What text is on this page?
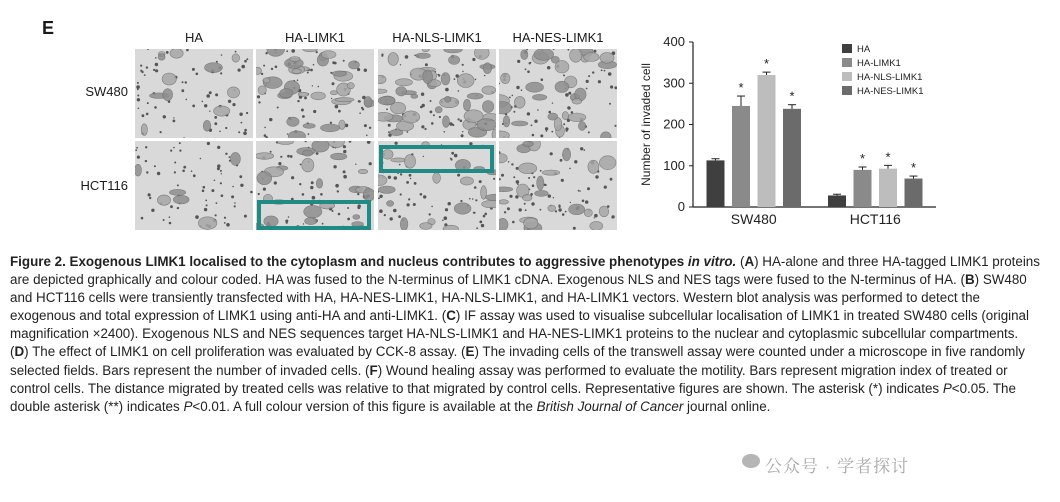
E	HA	HA-LIMK1	HA-NLS-LIMK1	HA-NES-LIMK1
SW480
HCT116
0
100
200
300
400
Number of invaded cell	*
*
*
SW480
* *
*
HCT116
HA
HA-LIMK1
HA-NLS-LIMK1
HA-NES-LIMK1
Figure 2. Exogenous LIMK1 localised to the cytoplasm and nucleus contributes to aggressive phenotypes in vitro. (A) HA-alone and three HA-tagged LIMK1 proteins are depicted graphically and colour coded. HA was fused to the N-terminus of LIMK1 cDNA. Exogenous NLS and NES tags were fused to the N-terminus of HA. (B) SW480 and HCT116 cells were transiently transfected with HA, HA-NES-LIMK1, HA-NLS-LIMK1, and HA-LIMK1 vectors. Western blot analysis was performed to detect the exogenous and total expression of LIMK1 using anti-HA and anti-LIMK1. (C) IF assay was used to visualise subcellular localisation of LIMK1 in treated SW480 cells (original magnification ×2400). Exogenous NLS and NES sequences target HA-NLS-LIMK1 and HA-NES-LIMK1 proteins to the nuclear and cytoplasmic subcellular compartments. (D) The effect of LIMK1 on cell proliferation was evaluated by CCK-8 assay. (E) The invading cells of the transwell assay were counted under a microscope in five randomly selected fields. Bars represent the number of invaded cells. (F) Wound healing assay was performed to evaluate the motility. Bars represent migration index of treated or control cells. The distance migrated by treated cells was relative to that migrated by control cells. Representative figures are shown. The asterisk (*) indicates P<0.05. The double asterisk (**) indicates P<0.01. A full colour version of this figure is available at the British Journal of Cancer journal online.
公众号 · 学者探讨
